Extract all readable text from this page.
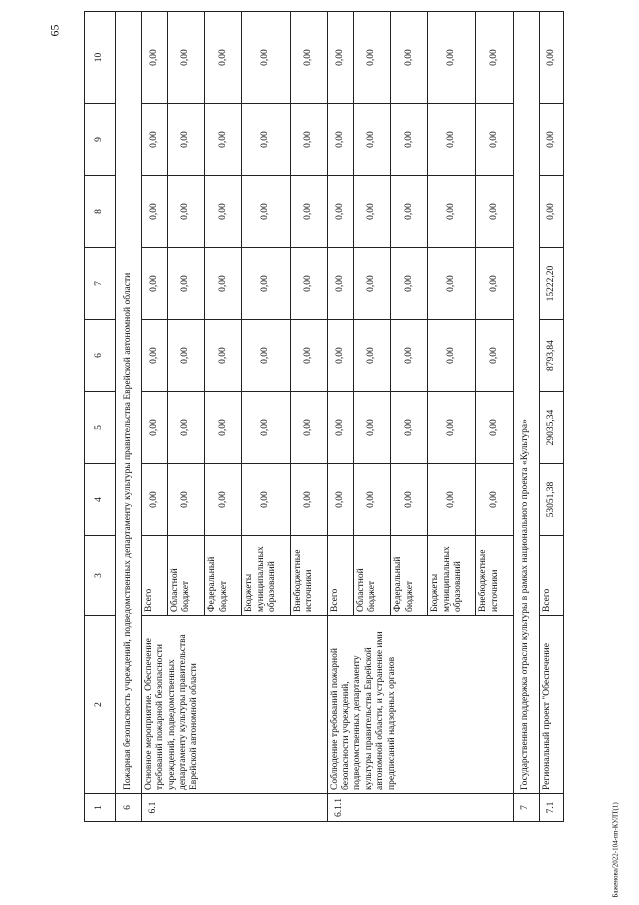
65
1	2	3	4	5	6	7	8	9	10
6	Пожарная безопасность учреждений, подведомственных департаменту культуры правительства Еврейской автономной области								
6.1	Основное мероприятие. Обеспечение требований пожарной безопасности учреждений, подведомственных департаменту культуры правительства Еврейской автономной области	Всего	0,00	0,00	0,00	0,00	0,00	0,00	0,00
		Областной бюджет	0,00	0,00	0,00	0,00	0,00	0,00	0,00
		Федеральный бюджет	0,00	0,00	0,00	0,00	0,00	0,00	0,00
		Бюджеты муниципальных образований	0,00	0,00	0,00	0,00	0,00	0,00	0,00
		Внебюджетные источники	0,00	0,00	0,00	0,00	0,00	0,00	0,00
6.1.1	Соблюдение требований пожарной безопасности учреждений, подведомственных департаменту культуры правительства Еврейской автономной области, и устранение ими предписаний надзорных органов	Всего	0,00	0,00	0,00	0,00	0,00	0,00	0,00
		Областной бюджет	0,00	0,00	0,00	0,00	0,00	0,00	0,00
		Федеральный бюджет	0,00	0,00	0,00	0,00	0,00	0,00	0,00
		Бюджеты муниципальных образований	0,00	0,00	0,00	0,00	0,00	0,00	0,00
		Внебюджетные источники	0,00	0,00	0,00	0,00	0,00	0,00	0,00
7	Государственная поддержка отрасли культуры в рамках национального проекта «Культура»								
7.1	Региональный проект "Обеспечение	Всего	53051,38	29035,34	8793,84	15222,20	0,00	0,00	0,00
Баженова/2022-104-пп-КУЛТ(1)
